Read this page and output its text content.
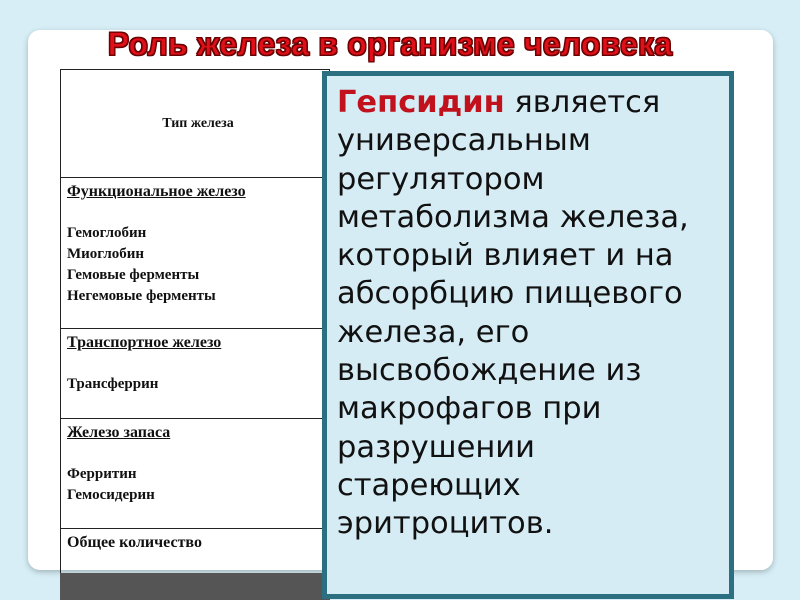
Роль железа в организме человека
Тип железа

Функциональное железо
Гемоглобин
Миоглобин
Гемовые ферменты
Негемовые ферменты

Транспортное железо
Трансферрин

Железо запаса
Ферритин
Гемосидерин

Общее количество
Гепсидин является универсальным регулятором метаболизма железа, который влияет и на абсорбцию пищевого железа, его высвобождение из макрофагов при разрушении стареющих эритроцитов.
